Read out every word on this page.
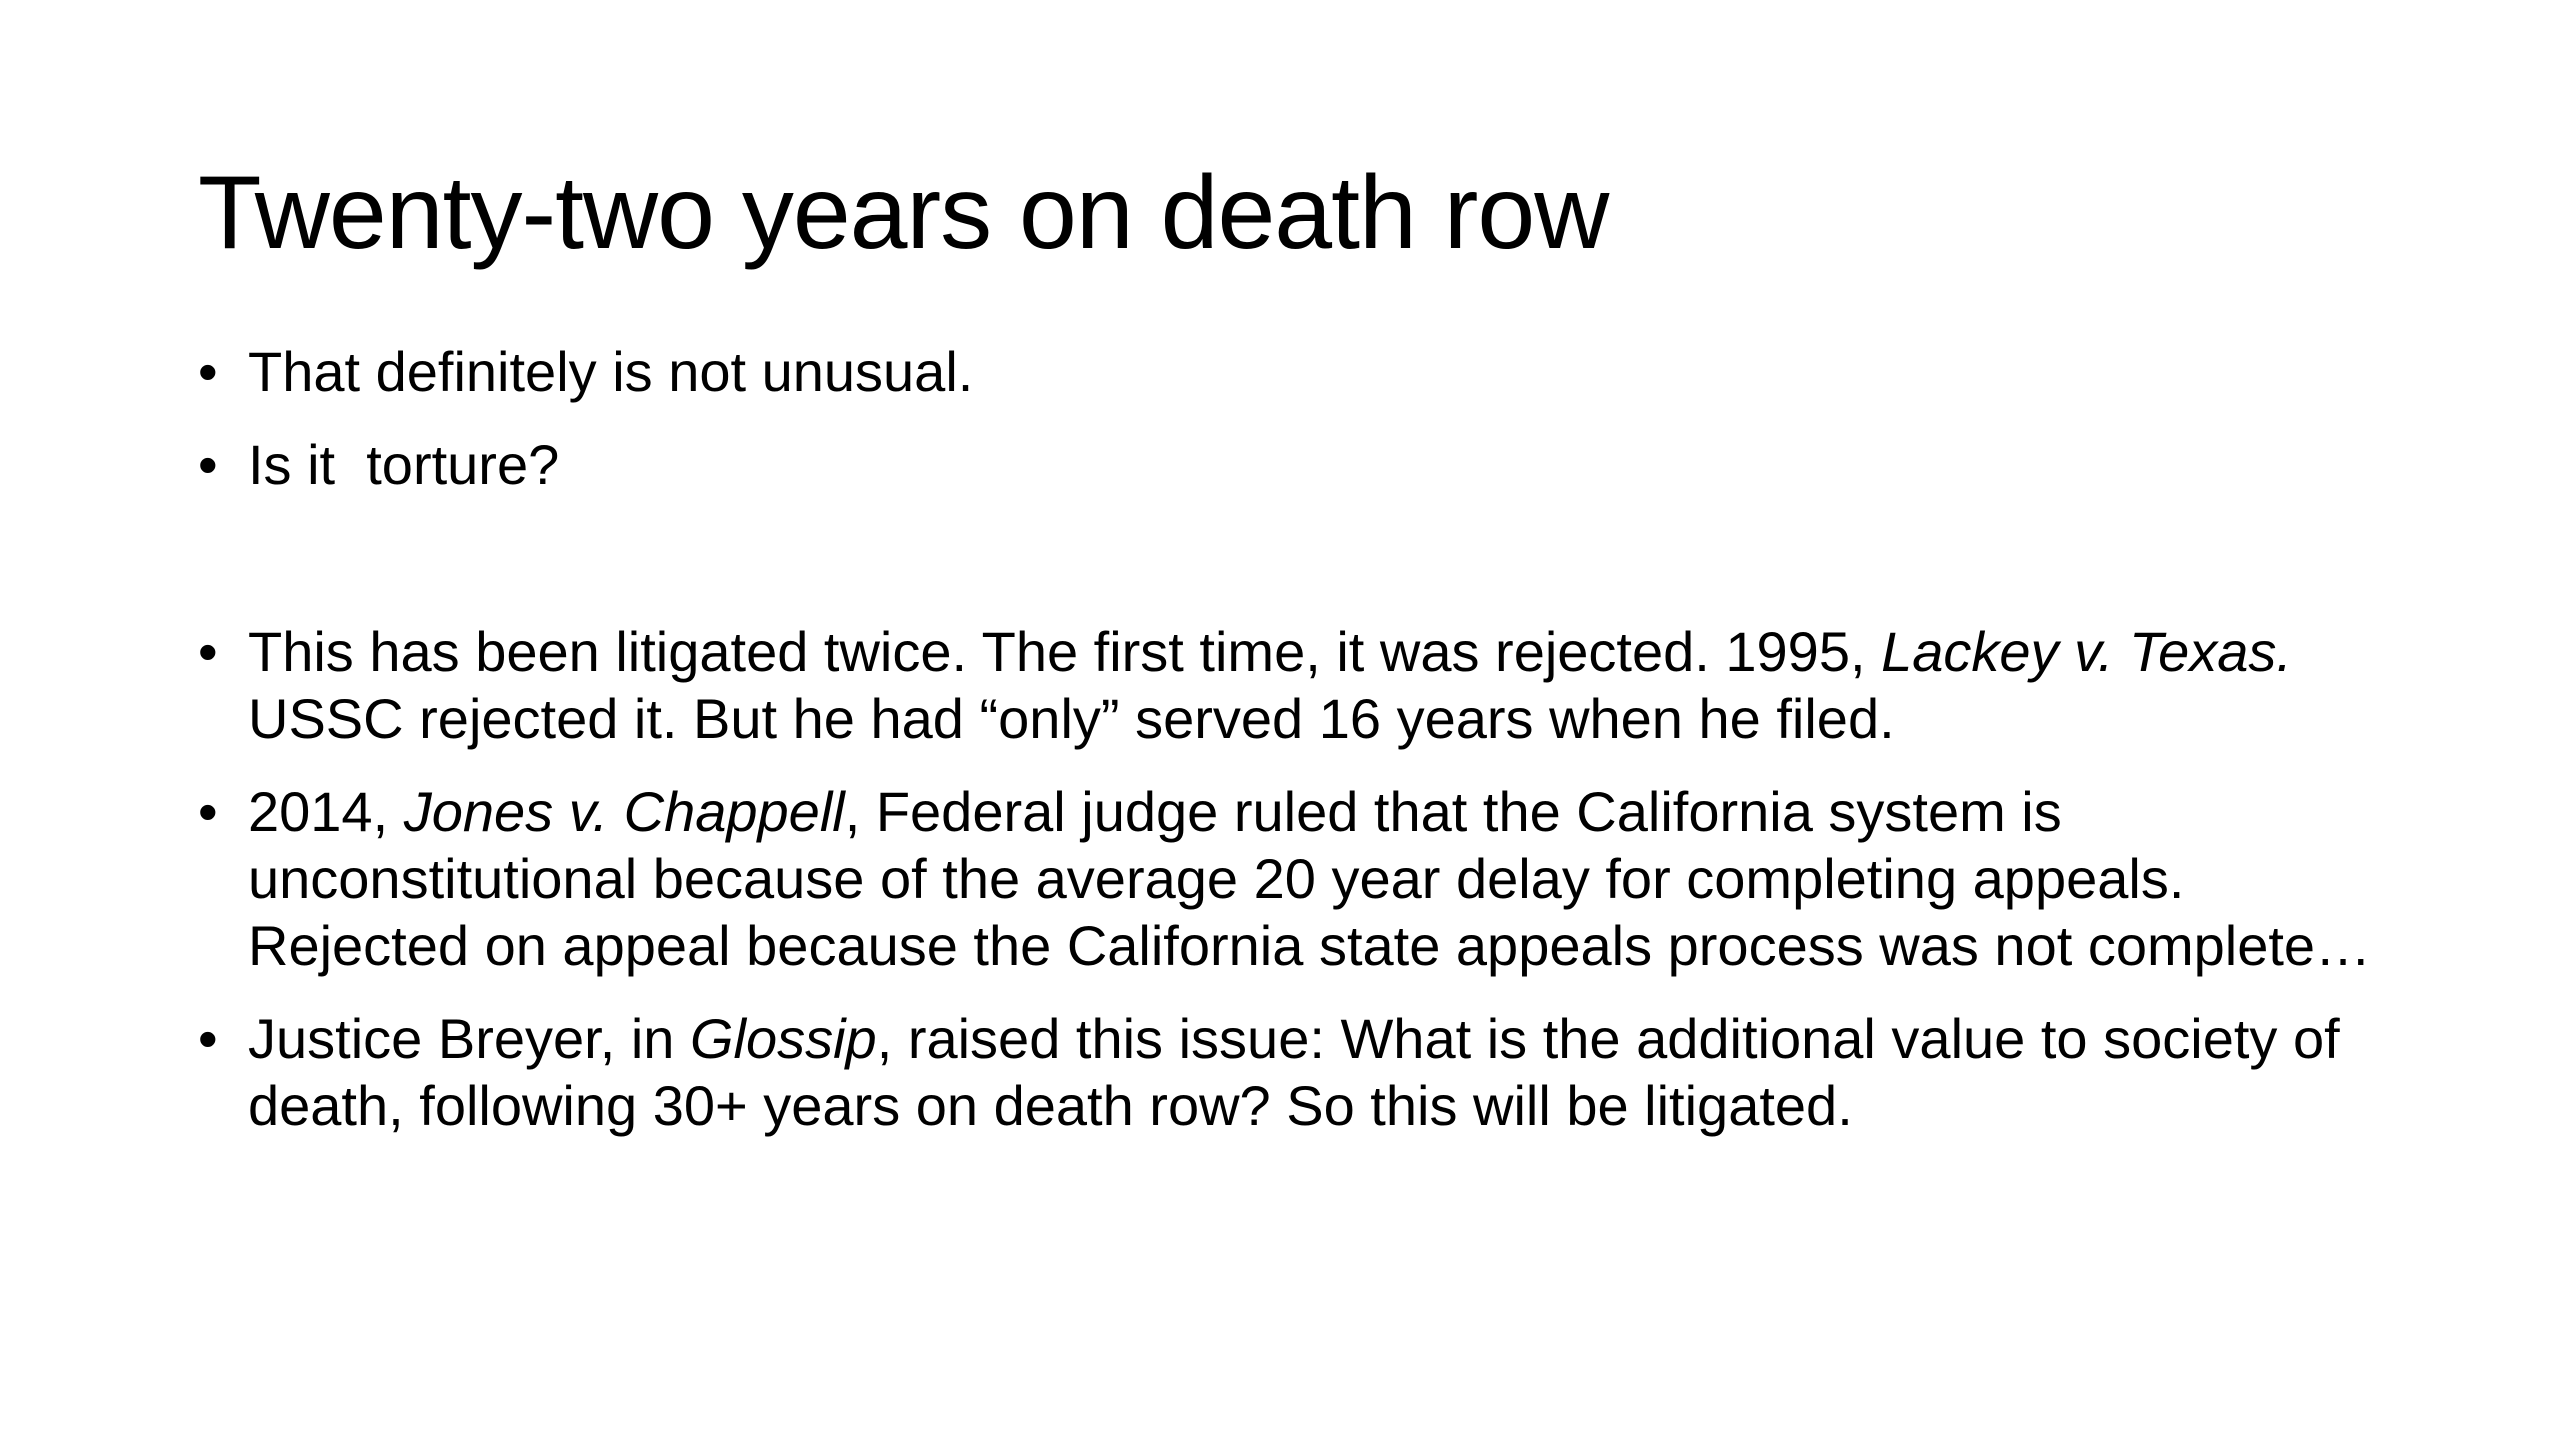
Twenty-two years on death row
• That definitely is not unusual.
• Is it  torture?
• This has been litigated twice. The first time, it was rejected. 1995, Lackey v. Texas. USSC rejected it. But he had “only” served 16 years when he filed.
• 2014, Jones v. Chappell, Federal judge ruled that the California system is unconstitutional because of the average 20 year delay for completing appeals. Rejected on appeal because the California state appeals process was not complete…
• Justice Breyer, in Glossip, raised this issue: What is the additional value to society of death, following 30+ years on death row? So this will be litigated.
